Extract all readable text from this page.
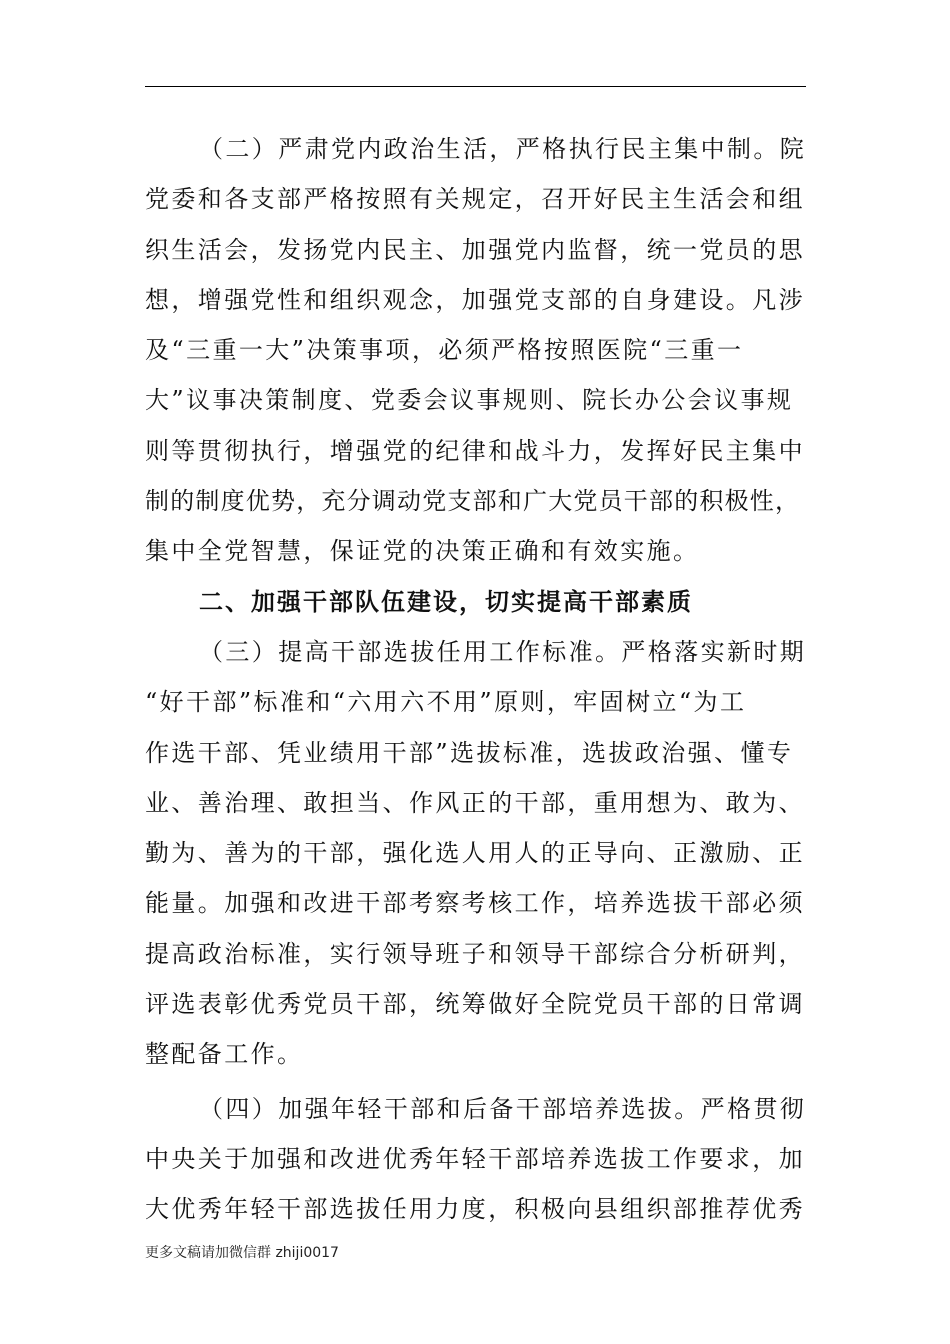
（二）严肃党内政治生活，严格执行民主集中制。院
党委和各支部严格按照有关规定，召开好民主生活会和组
织生活会，发扬党内民主、加强党内监督，统一党员的思
想，增强党性和组织观念，加强党支部的自身建设。凡涉
及“三重一大”决策事项，必须严格按照医院“三重一
大”议事决策制度、党委会议事规则、院长办公会议事规
则等贯彻执行，增强党的纪律和战斗力，发挥好民主集中
制的制度优势，充分调动党支部和广大党员干部的积极性，
集中全党智慧，保证党的决策正确和有效实施。
二、加强干部队伍建设，切实提高干部素质
（三）提高干部选拔任用工作标准。严格落实新时期
“好干部”标准和“六用六不用”原则，牢固树立“为工
作选干部、凭业绩用干部”选拔标准，选拔政治强、懂专
业、善治理、敢担当、作风正的干部，重用想为、敢为、
勤为、善为的干部，强化选人用人的正导向、正激励、正
能量。加强和改进干部考察考核工作，培养选拔干部必须
提高政治标准，实行领导班子和领导干部综合分析研判，
评选表彰优秀党员干部，统筹做好全院党员干部的日常调
整配备工作。
（四）加强年轻干部和后备干部培养选拔。严格贯彻
中央关于加强和改进优秀年轻干部培养选拔工作要求，加
大优秀年轻干部选拔任用力度，积极向县组织部推荐优秀
更多文稿请加微信群 zhiji0017
